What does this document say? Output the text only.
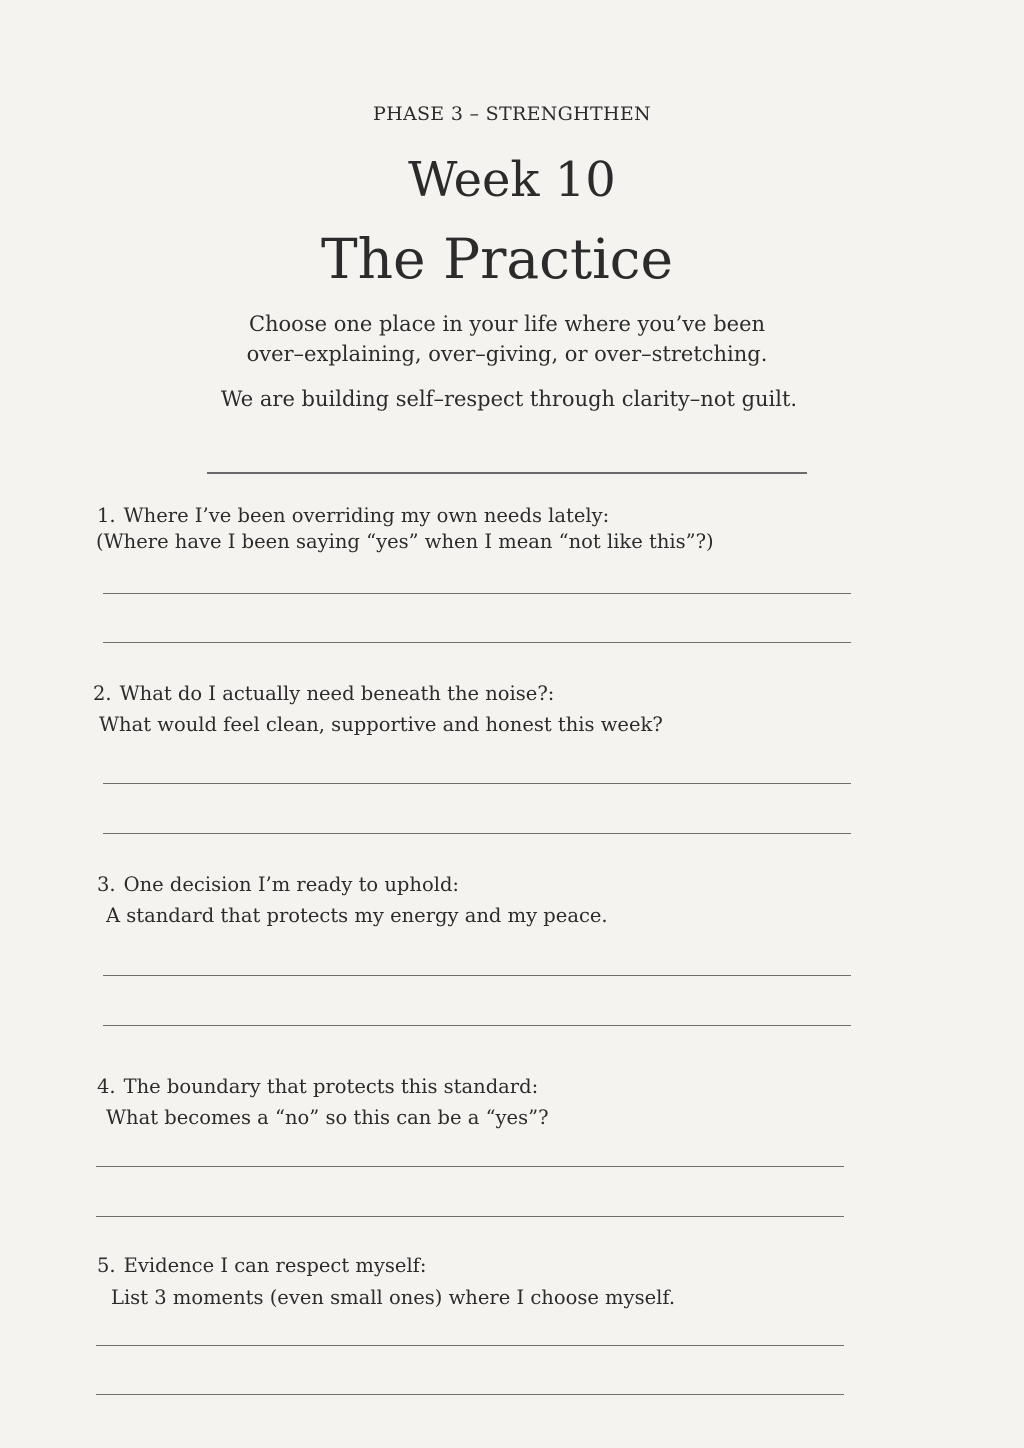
PHASE 3 – STRENGHTHEN
Week 10
The Practice
Choose one place in your life where you’ve been
over–explaining, over–giving, or over–stretching.
We are building self–respect through clarity–not guilt.
1. Where I’ve been overriding my own needs lately:
(Where have I been saying “yes” when I mean “not like this”?)
2. What do I actually need beneath the noise?:
What would feel clean, supportive and honest this week?
3. One decision I’m ready to uphold:
A standard that protects my energy and my peace.
4. The boundary that protects this standard:
What becomes a “no” so this can be a “yes”?
5. Evidence I can respect myself:
List 3 moments (even small ones) where I choose myself.
